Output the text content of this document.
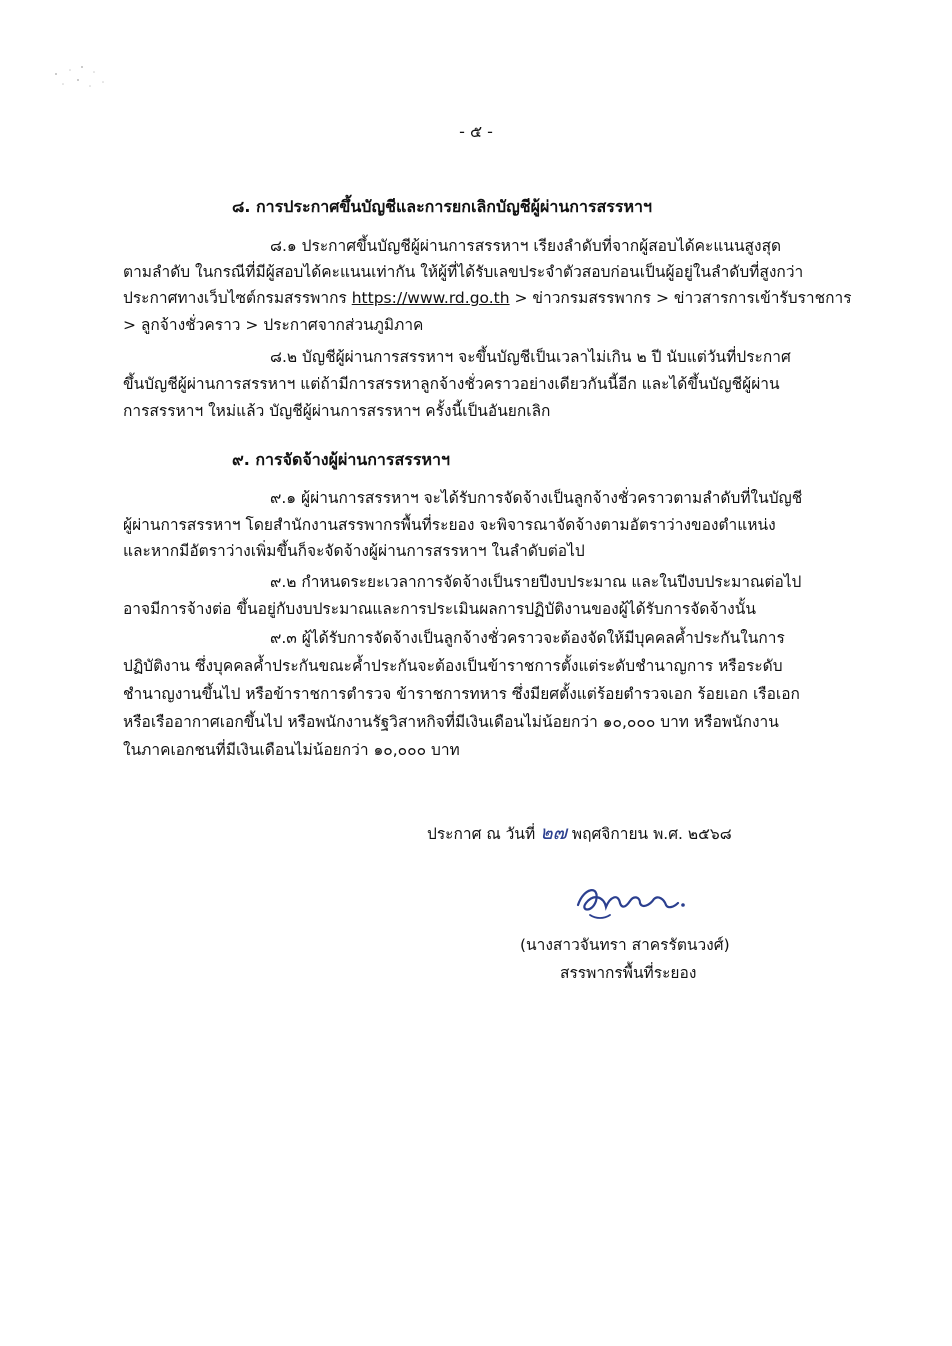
- ๕ -
๘. การประกาศขึ้นบัญชีและการยกเลิกบัญชีผู้ผ่านการสรรหาฯ
๘.๑ ประกาศขึ้นบัญชีผู้ผ่านการสรรหาฯ เรียงลำดับที่จากผู้สอบได้คะแนนสูงสุด
ตามลำดับ ในกรณีที่มีผู้สอบได้คะแนนเท่ากัน ให้ผู้ที่ได้รับเลขประจำตัวสอบก่อนเป็นผู้อยู่ในลำดับที่สูงกว่า
ประกาศทางเว็บไซต์กรมสรรพากร https://www.rd.go.th > ข่าวกรมสรรพากร > ข่าวสารการเข้ารับราชการ
> ลูกจ้างชั่วคราว > ประกาศจากส่วนภูมิภาค
๘.๒ บัญชีผู้ผ่านการสรรหาฯ จะขึ้นบัญชีเป็นเวลาไม่เกิน ๒ ปี นับแต่วันที่ประกาศ
ขึ้นบัญชีผู้ผ่านการสรรหาฯ แต่ถ้ามีการสรรหาลูกจ้างชั่วคราวอย่างเดียวกันนี้อีก และได้ขึ้นบัญชีผู้ผ่าน
การสรรหาฯ ใหม่แล้ว บัญชีผู้ผ่านการสรรหาฯ ครั้งนี้เป็นอันยกเลิก
๙. การจัดจ้างผู้ผ่านการสรรหาฯ
๙.๑ ผู้ผ่านการสรรหาฯ จะได้รับการจัดจ้างเป็นลูกจ้างชั่วคราวตามลำดับที่ในบัญชี
ผู้ผ่านการสรรหาฯ โดยสำนักงานสรรพากรพื้นที่ระยอง จะพิจารณาจัดจ้างตามอัตราว่างของตำแหน่ง
และหากมีอัตราว่างเพิ่มขึ้นก็จะจัดจ้างผู้ผ่านการสรรหาฯ ในลำดับต่อไป
๙.๒ กำหนดระยะเวลาการจัดจ้างเป็นรายปีงบประมาณ และในปีงบประมาณต่อไป
อาจมีการจ้างต่อ ขึ้นอยู่กับงบประมาณและการประเมินผลการปฏิบัติงานของผู้ได้รับการจัดจ้างนั้น
๙.๓ ผู้ได้รับการจัดจ้างเป็นลูกจ้างชั่วคราวจะต้องจัดให้มีบุคคลค้ำประกันในการ
ปฏิบัติงาน ซึ่งบุคคลค้ำประกันขณะค้ำประกันจะต้องเป็นข้าราชการตั้งแต่ระดับชำนาญการ หรือระดับ
ชำนาญงานขึ้นไป หรือข้าราชการตำรวจ ข้าราชการทหาร ซึ่งมียศตั้งแต่ร้อยตำรวจเอก ร้อยเอก เรือเอก
หรือเรืออากาศเอกขึ้นไป หรือพนักงานรัฐวิสาหกิจที่มีเงินเดือนไม่น้อยกว่า ๑๐,๐๐๐ บาท หรือพนักงาน
ในภาคเอกชนที่มีเงินเดือนไม่น้อยกว่า ๑๐,๐๐๐ บาท
ประกาศ ณ วันที่ ๒๗ พฤศจิกายน พ.ศ. ๒๕๖๘
(นางสาวจันทรา สาครรัตนวงศ์)
สรรพากรพื้นที่ระยอง
